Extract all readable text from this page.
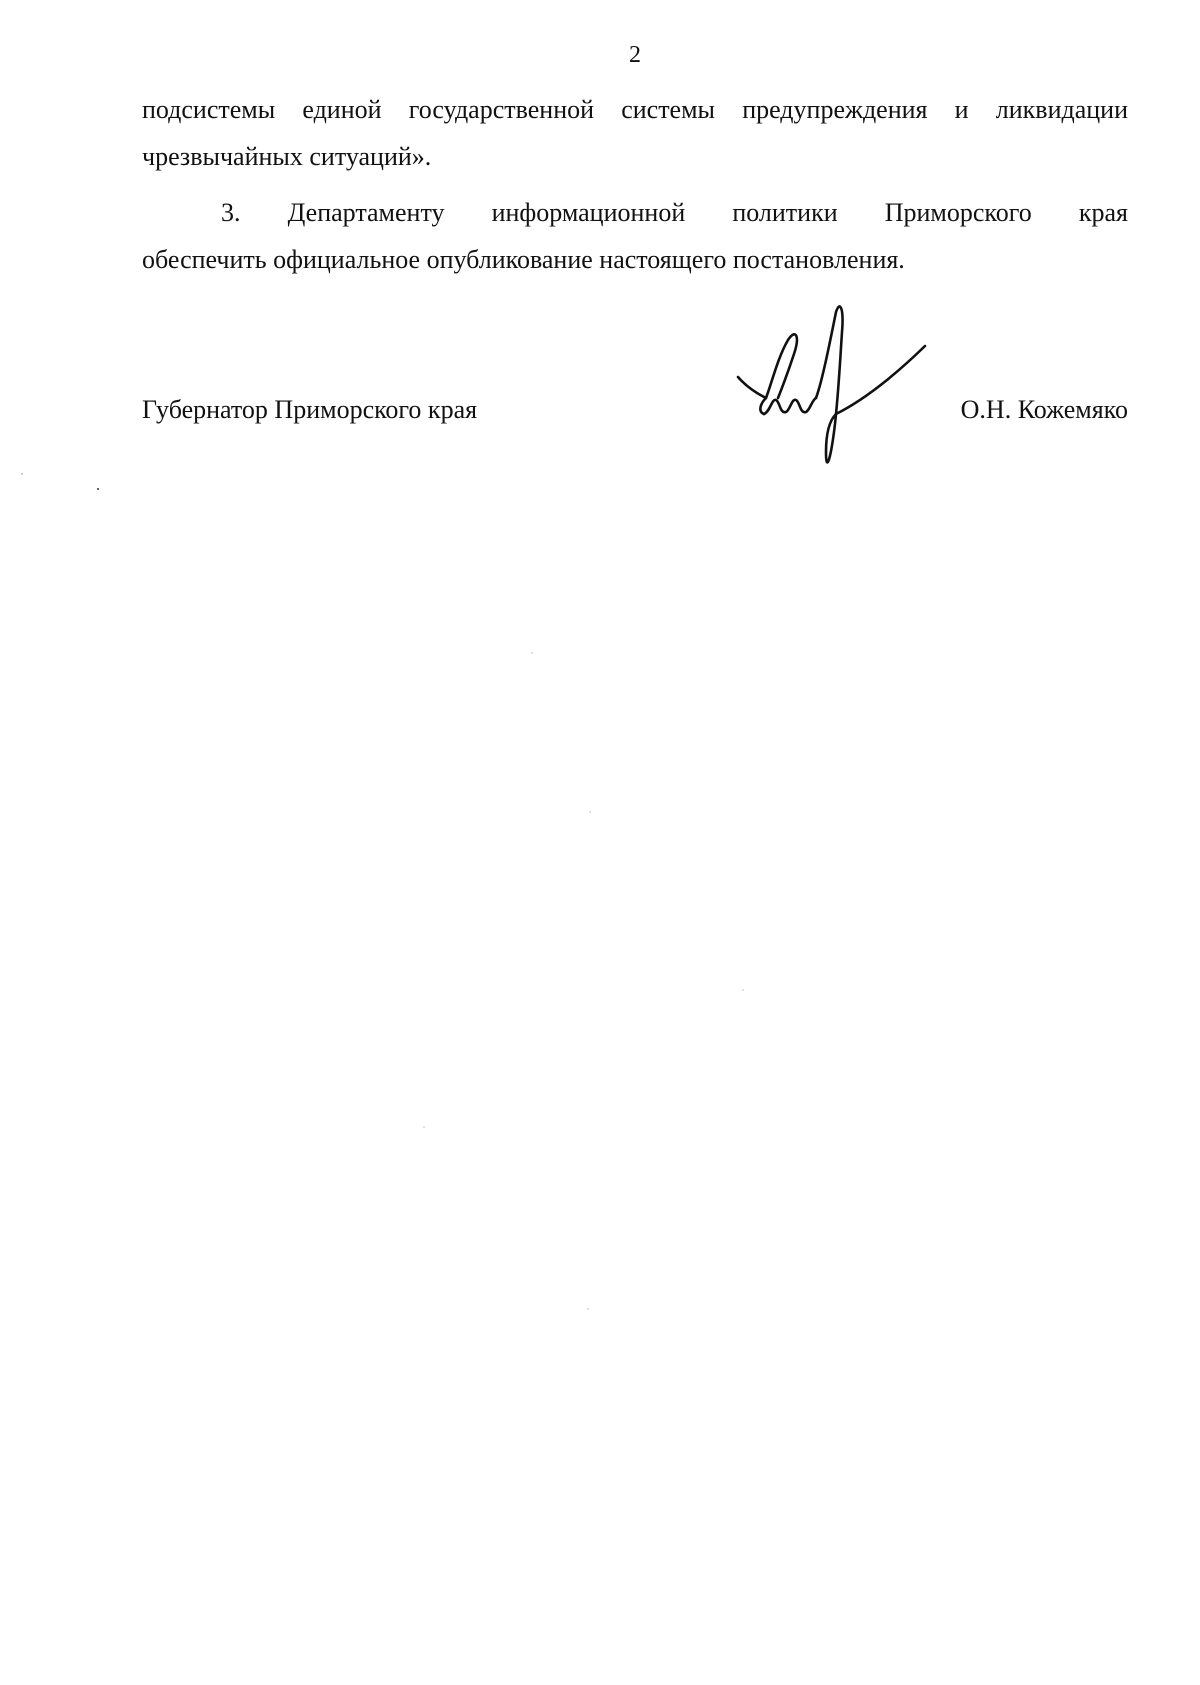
2
подсистемы единой государственной системы предупреждения и ликвидации
чрезвычайных ситуаций».
3. Департаменту информационной политики Приморского края
обеспечить официальное опубликование настоящего постановления.
Губернатор Приморского края	О.Н. Кожемяко
